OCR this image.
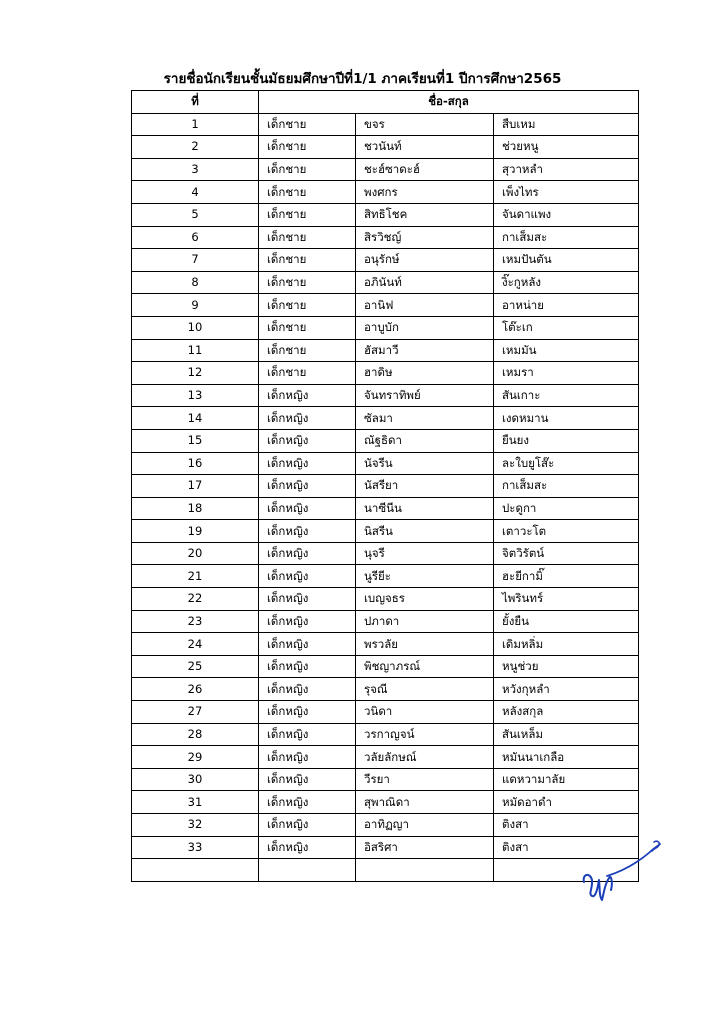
รายชื่อนักเรียนชั้นมัธยมศึกษาปีที่1/1 ภาคเรียนที่1 ปีการศึกษา2565
ที่	ชื่อ-สกุล		
1	เด็กชาย	ขจร	สืบเหม
2	เด็กชาย	ชวนันท์	ช่วยหนู
3	เด็กชาย	ชะฮ์ซาดะฮ์	สุวาหลำ
4	เด็กชาย	พงศกร	เพ็งไทร
5	เด็กชาย	สิทธิโชค	จันดาแพง
6	เด็กชาย	สิรวิชญ์	กาเส็มสะ
7	เด็กชาย	อนุรักษ์	เหมปันตัน
8	เด็กชาย	อภินันท์	งิ๊ะกูหลัง
9	เด็กชาย	อานิฟ	อาหน่าย
10	เด็กชาย	อาบูบัก	โต๊ะเก
11	เด็กชาย	ฮัสมาวี	เหมมัน
12	เด็กชาย	ฮาดิษ	เหมรา
13	เด็กหญิง	จันทราทิพย์	สันเกาะ
14	เด็กหญิง	ซัลมา	เงดหมาน
15	เด็กหญิง	ณัฐธิดา	ยืนยง
16	เด็กหญิง	นัจรีน	ละใบยูโส๊ะ
17	เด็กหญิง	นัสรียา	กาเส็มสะ
18	เด็กหญิง	นาซีนีน	ปะดูกา
19	เด็กหญิง	นิสรีน	เตาวะโต
20	เด็กหญิง	นุจรี	จิตวิรัตน์
21	เด็กหญิง	นูรียีะ	ฮะยีกามิ๊
22	เด็กหญิง	เบญจธร	ไพรินทร์
23	เด็กหญิง	ปภาดา	ยั้งยืน
24	เด็กหญิง	พรวลัย	เดิมหลิ่ม
25	เด็กหญิง	พิชญาภรณ์	หนูช่วย
26	เด็กหญิง	รุจณี	หวังกุหลำ
27	เด็กหญิง	วนิดา	หลังสกุล
28	เด็กหญิง	วรกาญจน์	สันเหล็ม
29	เด็กหญิง	วลัยลักษณ์	หมันนาเกลือ
30	เด็กหญิง	วีรยา	แดหวามาลัย
31	เด็กหญิง	สุพาณิดา	หมัดอาดำ
32	เด็กหญิง	อาทิฏญา	ติงสา
33	เด็กหญิง	อิสริศา	ติงสา
